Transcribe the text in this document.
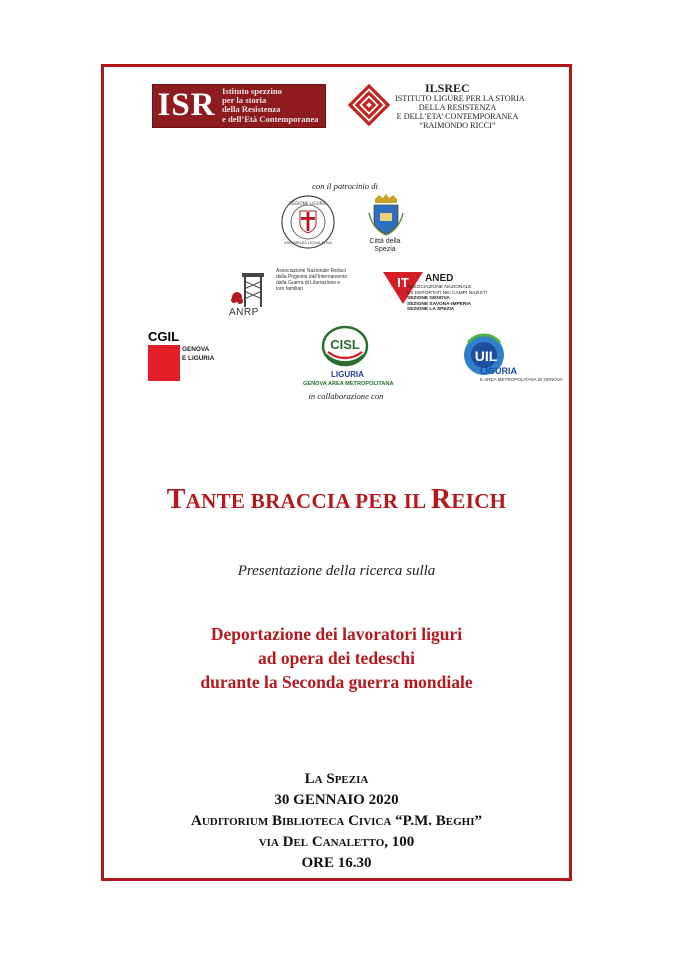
ISR Istituto spezzino
per la storia
della Resistenza
e dell’Età Contemporanea
ILSREC
ISTITUTO LIGURE PER LA STORIA
DELLA RESISTENZA
E DELL’ETA’ CONTEMPORANEA
“RAIMONDO RICCI”
con il patrocinio di
REGIONE LIGURIA
ASSEMBLEA LEGISLATIVA	Città della Spezia
ANRP
Associazione Nazionale Reduci dalla Prigionia dall’Internamento dalla Guerra di Liberazione e loro familiari	IT ANED
ASSOCIAZIONE NAZIONALE
EX DEPORTATI NEI CAMPI NAZISTI
SEZIONE GENOVA
SEZIONE SAVONA-IMPERIA
SEZIONE LA SPEZIA
CGIL
GENOVA
E LIGURIA
CISL
LIGURIA
GENOVA AREA METROPOLITANA
in collaborazione con
UIL
LIGURIA
E AREA METROPOLITANA DI GENOVA
TANTE BRACCIA PER IL REICH
Presentazione della ricerca sulla
Deportazione dei lavoratori liguri
ad opera dei tedeschi
durante la Seconda guerra mondiale
La Spezia
30 GENNAIO 2020
Auditorium Biblioteca Civica “P.M. Beghi”
via Del Canaletto, 100
ORE 16.30
